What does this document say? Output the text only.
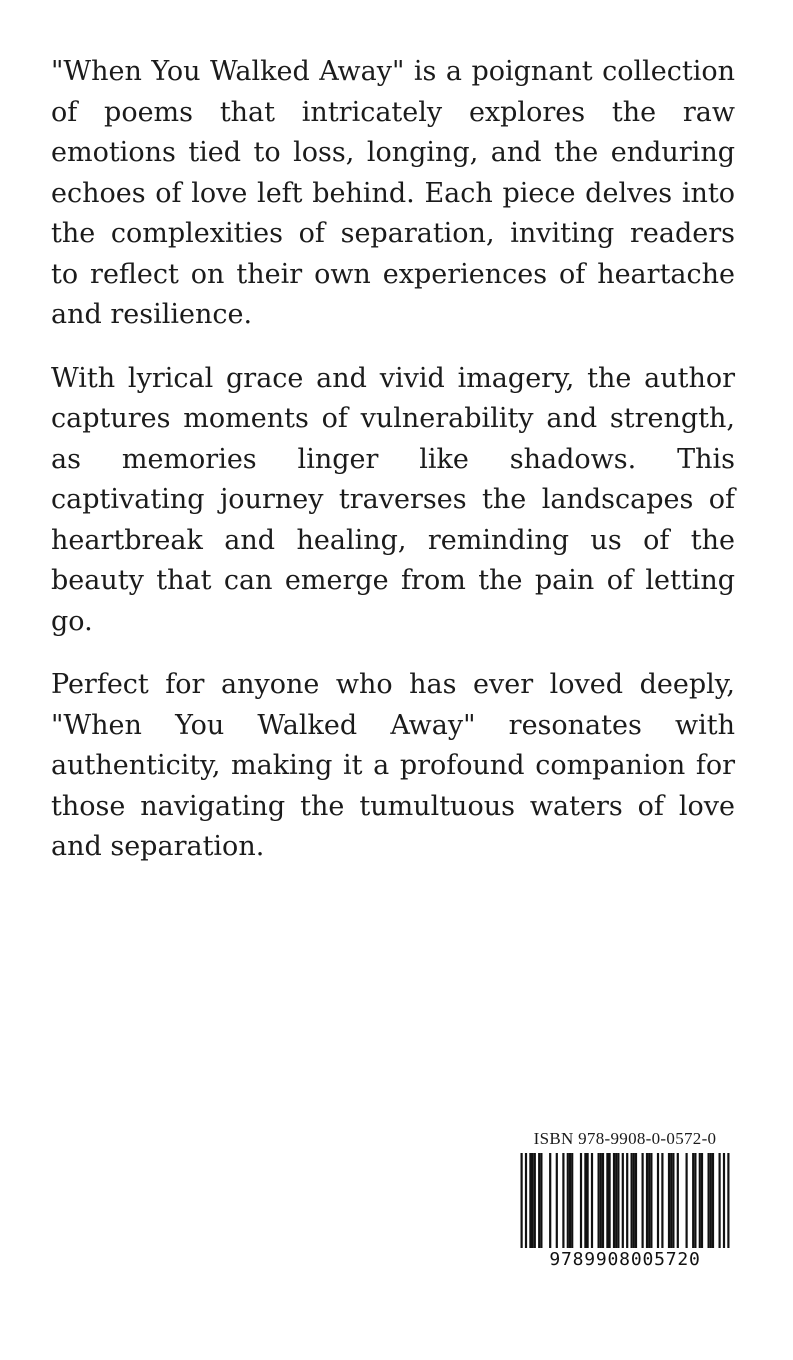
"When You Walked Away" is a poignant collection of poems that intricately explores the raw emotions tied to loss, longing, and the enduring echoes of love left behind. Each piece delves into the complexities of separation, inviting readers to reflect on their own experiences of heartache and resilience.

With lyrical grace and vivid imagery, the author captures moments of vulnerability and strength, as memories linger like shadows. This captivating journey traverses the landscapes of heartbreak and healing, reminding us of the beauty that can emerge from the pain of letting go.

Perfect for anyone who has ever loved deeply, "When You Walked Away" resonates with authenticity, making it a profound companion for those navigating the tumultuous waters of love and separation.

ISBN 978-9908-0-0572-0
9789908005720
